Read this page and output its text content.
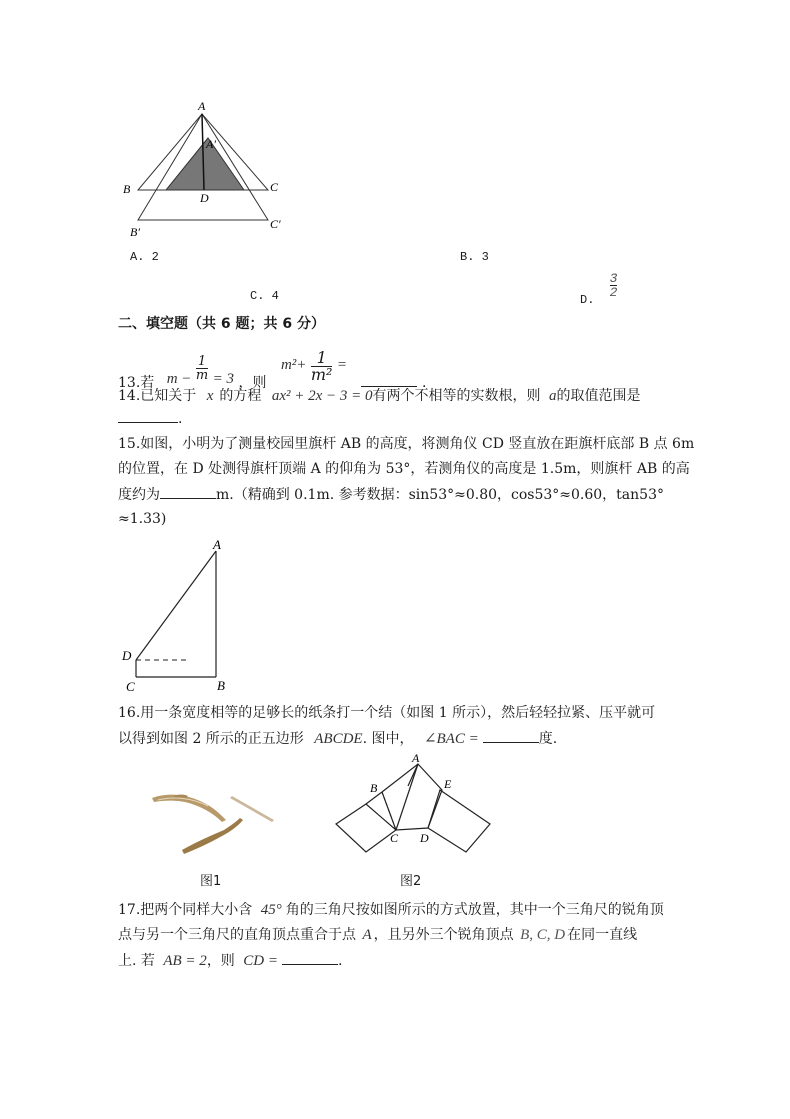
A
A′
B	C
D
B′
C′
A. 2	B. 3
C. 4	D.
$\frac{3}{2}$
二、填空题（共 6 题；共 6 分）
13.若 $m - \frac{1}{m} = 3$ ，则 $m^2+ \frac{1}{\text{m²}}$ =  .
14.已知关于 x 的方程 ax² + 2x − 3 = 0有两个不相等的实数根，则 a的取值范围是
.
15.如图，小明为了测量校园里旗杆 AB 的高度，将测角仪 CD 竖直放在距旗杆底部 B 点 6m
的位置，在 D 处测得旗杆顶端 A 的仰角为 53°，若测角仪的高度是 1.5m，则旗杆 AB 的高
度约为	m.（精确到 0.1m. 参考数据：sin53°≈0.80，cos53°≈0.60，tan53°
≈1.33)
A
D
C	B
16.用一条宽度相等的足够长的纸条打一个结（如图 1 所示），然后轻轻拉紧、压平就可
以得到如图 2 所示的正五边形 ABCDE. 图中， ∠BAC =	度.
图1
A
B
C D
E
图2
17.把两个同样大小含 45° 角的三角尺按如图所示的方式放置，其中一个三角尺的锐角顶
点与另一个三角尺的直角顶点重合于点 A ，且另外三个锐角顶点 B, C, D 在同一直线
上. 若 AB = 2，则 CD =	.
